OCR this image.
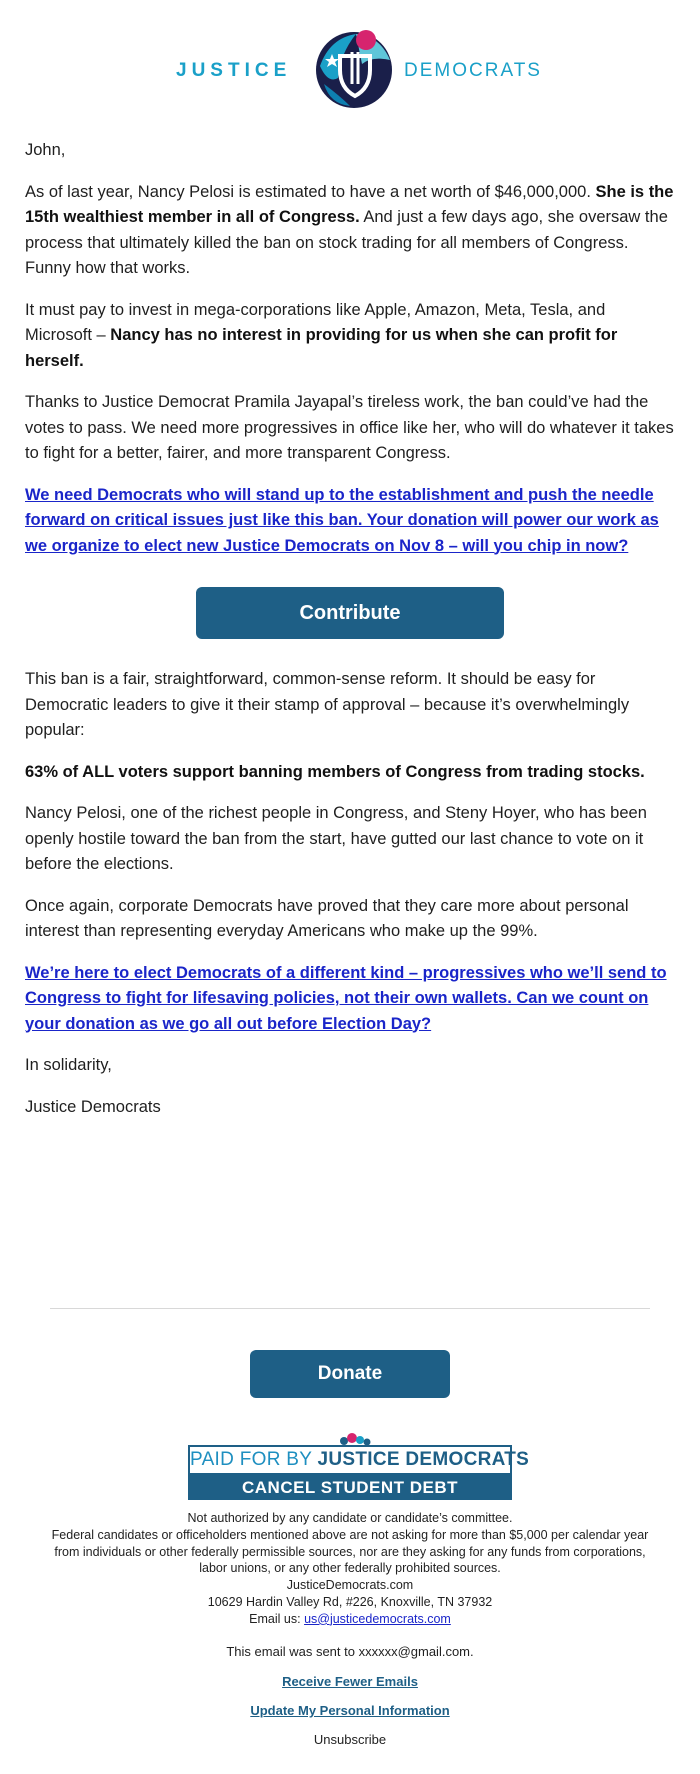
JUSTICE	DEMOCRATS
John,
As of last year, Nancy Pelosi is estimated to have a net worth of $46,000,000. She is the 15th wealthiest member in all of Congress. And just a few days ago, she oversaw the process that ultimately killed the ban on stock trading for all members of Congress. Funny how that works.
It must pay to invest in mega-corporations like Apple, Amazon, Meta, Tesla, and Microsoft – Nancy has no interest in providing for us when she can profit for herself.
Thanks to Justice Democrat Pramila Jayapal’s tireless work, the ban could’ve had the votes to pass. We need more progressives in office like her, who will do whatever it takes to fight for a better, fairer, and more transparent Congress.
We need Democrats who will stand up to the establishment and push the needle forward on critical issues just like this ban. Your donation will power our work as we organize to elect new Justice Democrats on Nov 8 – will you chip in now?
This ban is a fair, straightforward, common-sense reform. It should be easy for Democratic leaders to give it their stamp of approval – because it’s overwhelmingly popular:
63% of ALL voters support banning members of Congress from trading stocks.
Nancy Pelosi, one of the richest people in Congress, and Steny Hoyer, who has been openly hostile toward the ban from the start, have gutted our last chance to vote on it before the elections.
Once again, corporate Democrats have proved that they care more about personal interest than representing everyday Americans who make up the 99%.
We’re here to elect Democrats of a different kind – progressives who we’ll send to Congress to fight for lifesaving policies, not their own wallets. Can we count on your donation as we go all out before Election Day?
In solidarity,
Justice Democrats
Contribute
Donate
PAID FOR BY JUSTICE DEMOCRATS
CANCEL STUDENT DEBT
Not authorized by any candidate or candidate’s committee.
Federal candidates or officeholders mentioned above are not asking for more than $5,000 per calendar year from individuals or other federally permissible sources, nor are they asking for any funds from corporations, labor unions, or any other federally prohibited sources.
JusticeDemocrats.com
10629 Hardin Valley Rd, #226, Knoxville, TN 37932
Email us: us@justicedemocrats.com
This email was sent to xxxxxx@gmail.com.
Receive Fewer Emails
Update My Personal Information
Unsubscribe
